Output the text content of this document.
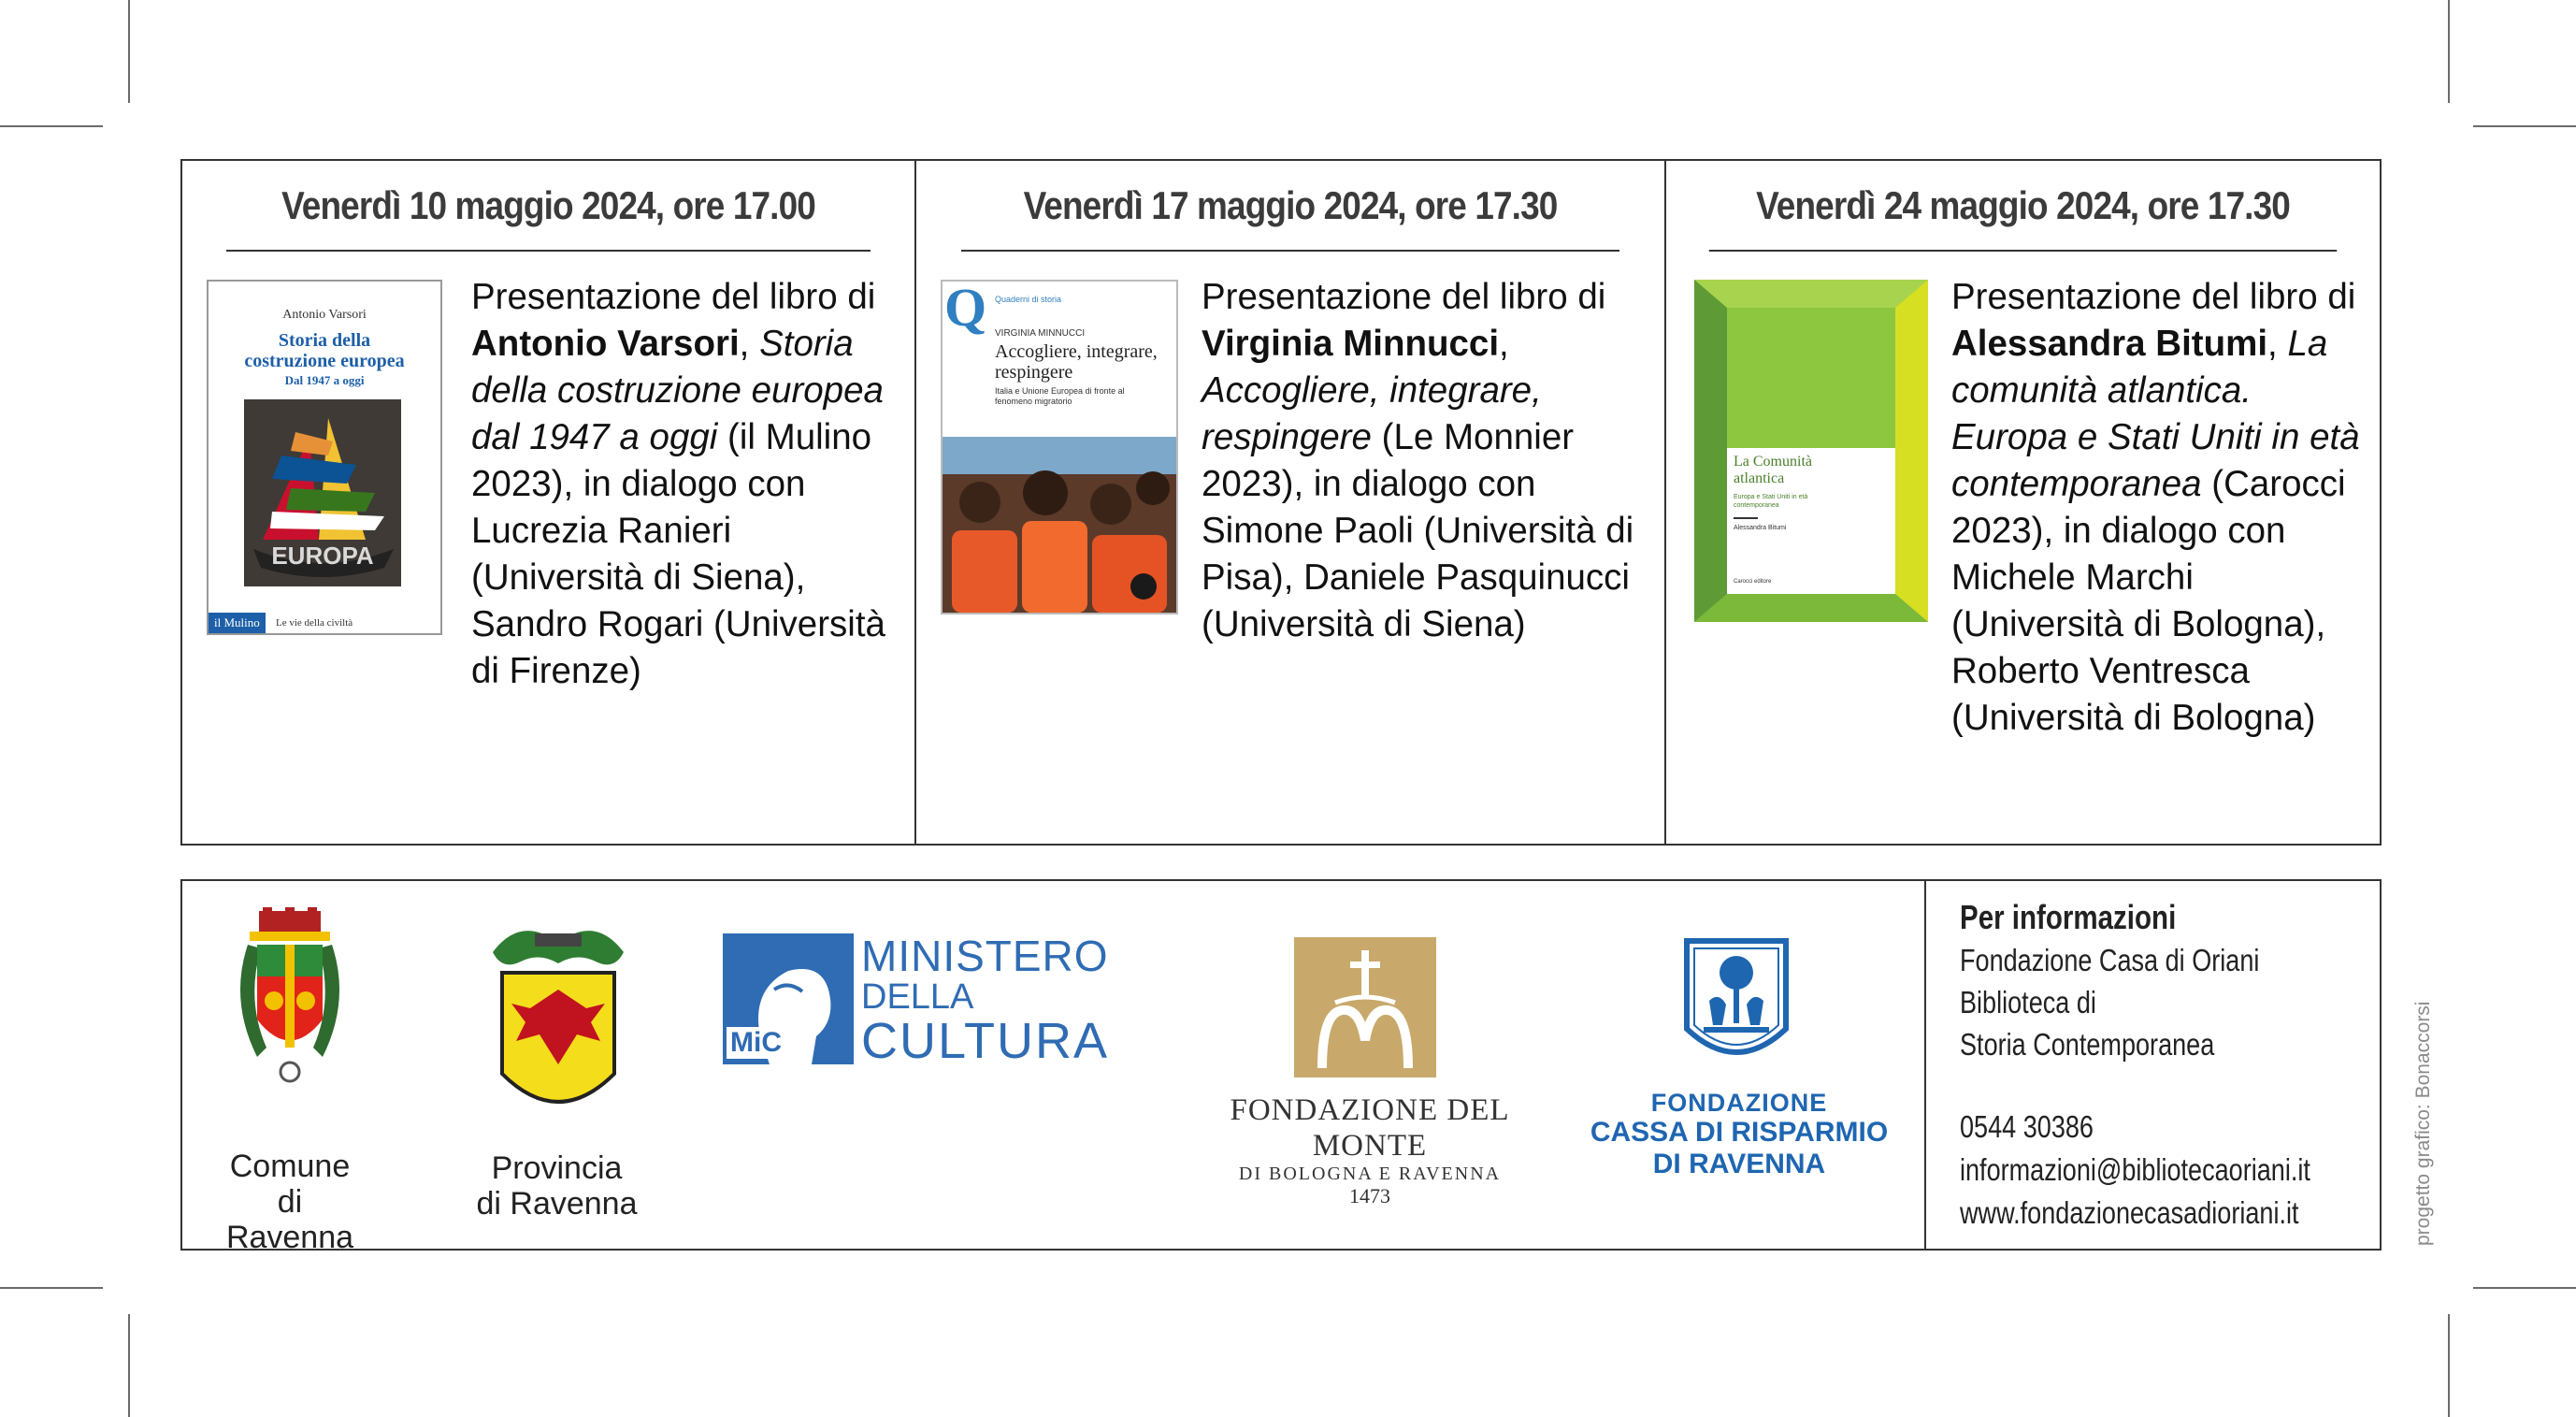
Venerdì 10 maggio 2024, ore 17.00
Antonio Varsori
Storia della
costruzione europea
Dal 1947 a oggi
EUROPA
il Mulino	Le vie della civiltà
Presentazione del libro di Antonio Varsori, Storia della costruzione europea dal 1947 a oggi (il Mulino 2023), in dialogo con Lucrezia Ranieri (Università di Siena), Sandro Rogari (Università di Firenze)
Venerdì 17 maggio 2024, ore 17.30
Q Quaderni di storia
VIRGINIA MINNUCCI
Accogliere, integrare,
respingere
Italia e Unione Europea di fronte al fenomeno migratorio
Presentazione del libro di Virginia Minnucci, Accogliere, integrare, respingere (Le Monnier 2023), in dialogo con Simone Paoli (Università di Pisa), Daniele Pasquinucci (Università di Siena)
Venerdì 24 maggio 2024, ore 17.30
La Comunità
atlantica
Europa e Stati Uniti in età contemporanea
Alessandra Bitumi
Carocci editore
Presentazione del libro di Alessandra Bitumi, La comunità atlantica. Europa e Stati Uniti in età contemporanea (Carocci 2023), in dialogo con Michele Marchi (Università di Bologna), Roberto Ventresca (Università di Bologna)
Comune
di Ravenna
Provincia
di Ravenna
MiC
MINISTERO
DELLA
CULTURA
FONDAZIONE DEL MONTE
DI BOLOGNA E RAVENNA
1473
FONDAZIONE
CASSA DI RISPARMIO
DI RAVENNA
Per informazioni
Fondazione Casa di Oriani
Biblioteca di
Storia Contemporanea
0544 30386
informazioni@bibliotecaoriani.it
www.fondazionecasadioriani.it	progetto grafico: Bonaccorsi
